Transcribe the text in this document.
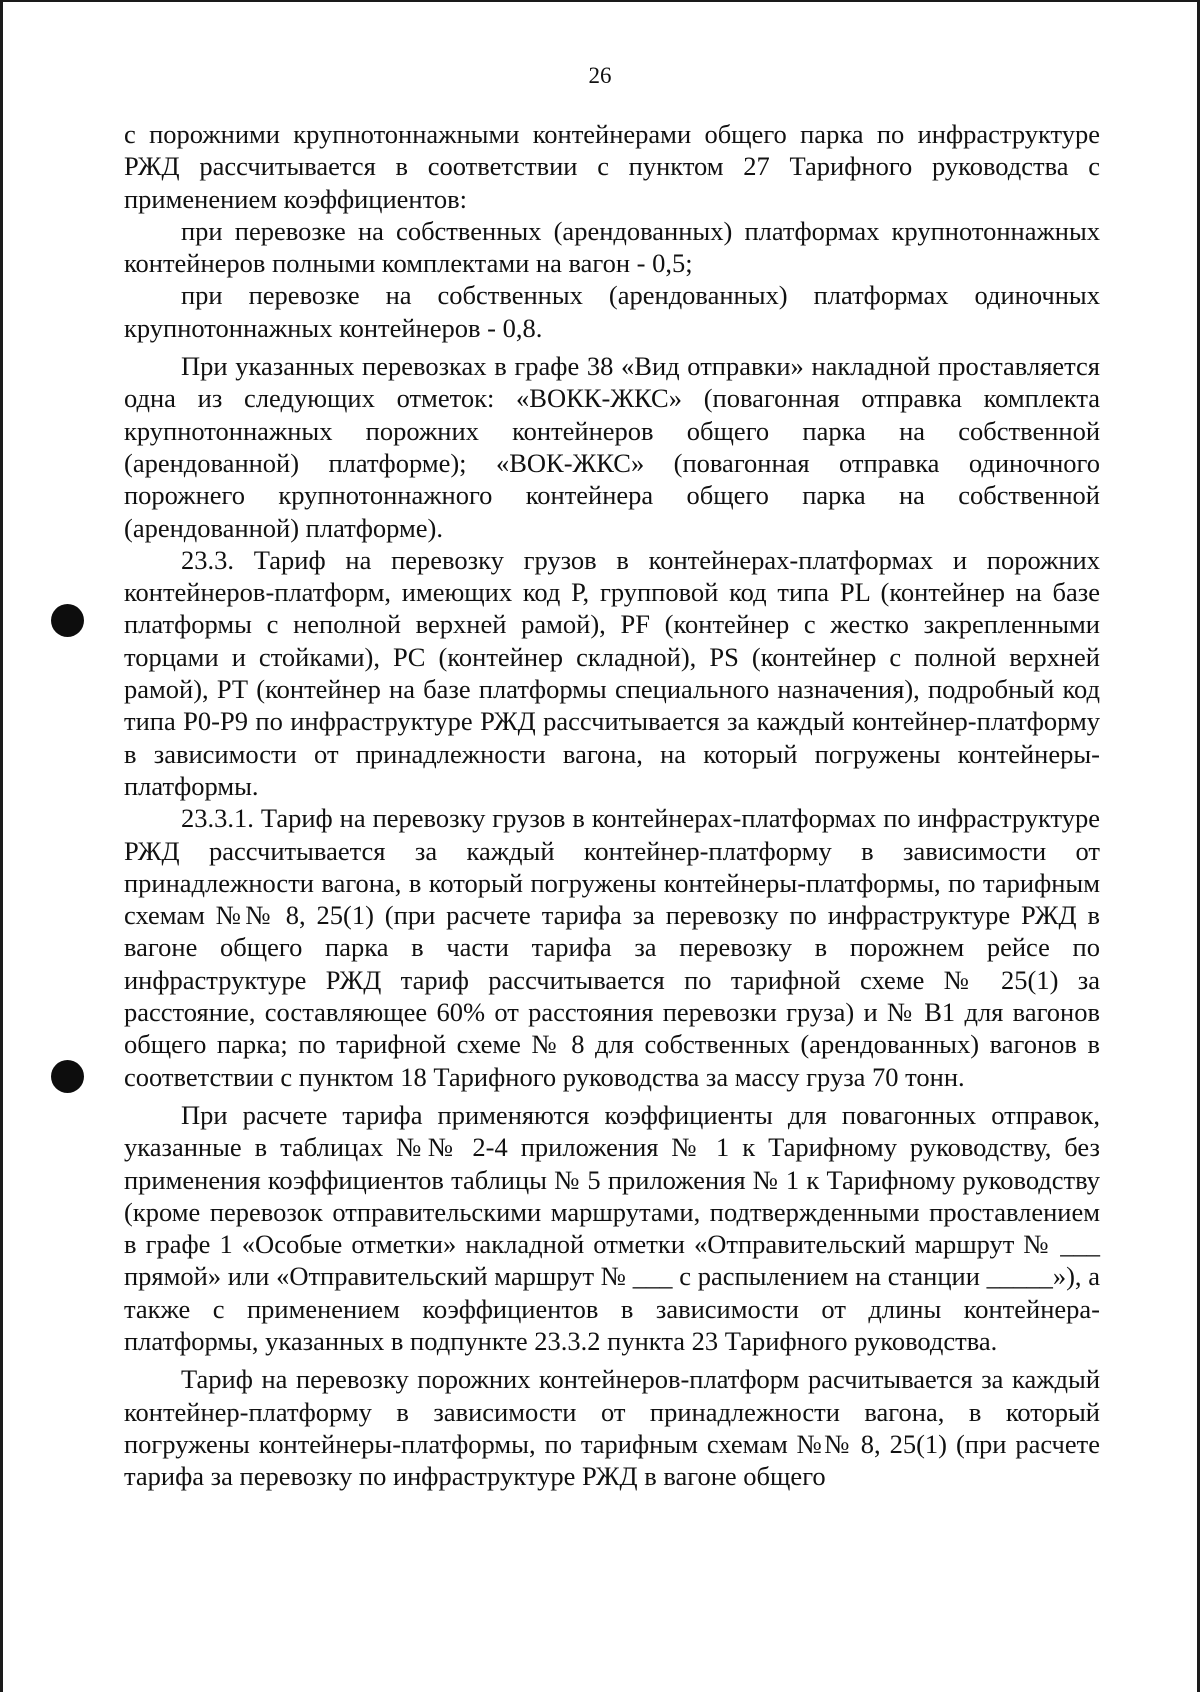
26

с порожними крупнотоннажными контейнерами общего парка по инфраструктуре РЖД рассчитывается в соответствии с пунктом 27 Тарифного руководства с применением коэффициентов:

при перевозке на собственных (арендованных) платформах крупнотоннажных контейнеров полными комплектами на вагон - 0,5;

при перевозке на собственных (арендованных) платформах одиночных крупнотоннажных контейнеров - 0,8.

При указанных перевозках в графе 38 «Вид отправки» накладной проставляется одна из следующих отметок: «ВОКК-ЖКС» (повагонная отправка комплекта крупнотоннажных порожних контейнеров общего парка на собственной (арендованной) платформе); «ВОК-ЖКС» (повагонная отправка одиночного порожнего крупнотоннажного контейнера общего парка на собственной (арендованной) платформе).

23.3. Тариф на перевозку грузов в контейнерах-платформах и порожних контейнеров-платформ, имеющих код Р, групповой код типа PL (контейнер на базе платформы с неполной верхней рамой), PF (контейнер с жестко закрепленными торцами и стойками), PC (контейнер складной), PS (контейнер с полной верхней рамой), РТ (контейнер на базе платформы специального назначения), подробный код типа Р0-Р9 по инфраструктуре РЖД рассчитывается за каждый контейнер-платформу в зависимости от принадлежности вагона, на который погружены контейнеры-платформы.

23.3.1. Тариф на перевозку грузов в контейнерах-платформах по инфраструктуре РЖД рассчитывается за каждый контейнер-платформу в зависимости от принадлежности вагона, в который погружены контейнеры-платформы, по тарифным схемам №№ 8, 25(1) (при расчете тарифа за перевозку по инфраструктуре РЖД в вагоне общего парка в части тарифа за перевозку в порожнем рейсе по инфраструктуре РЖД тариф рассчитывается по тарифной схеме № 25(1) за расстояние, составляющее 60% от расстояния перевозки груза) и № В1 для вагонов общего парка; по тарифной схеме № 8 для собственных (арендованных) вагонов в соответствии с пунктом 18 Тарифного руководства за массу груза 70 тонн.

При расчете тарифа применяются коэффициенты для повагонных отправок, указанные в таблицах №№ 2-4 приложения № 1 к Тарифному руководству, без применения коэффициентов таблицы № 5 приложения № 1 к Тарифному руководству (кроме перевозок отправительскими маршрутами, подтвержденными проставлением в графе 1 «Особые отметки» накладной отметки «Отправительский маршрут № ___ прямой» или «Отправительский маршрут № ___ с распылением на станции _____»), а также с применением коэффициентов в зависимости от длины контейнера-платформы, указанных в подпункте 23.3.2 пункта 23 Тарифного руководства.

Тариф на перевозку порожних контейнеров-платформ расчитывается за каждый контейнер-платформу в зависимости от принадлежности вагона, в который погружены контейнеры-платформы, по тарифным схемам №№ 8, 25(1) (при расчете тарифа за перевозку по инфраструктуре РЖД в вагоне общего
